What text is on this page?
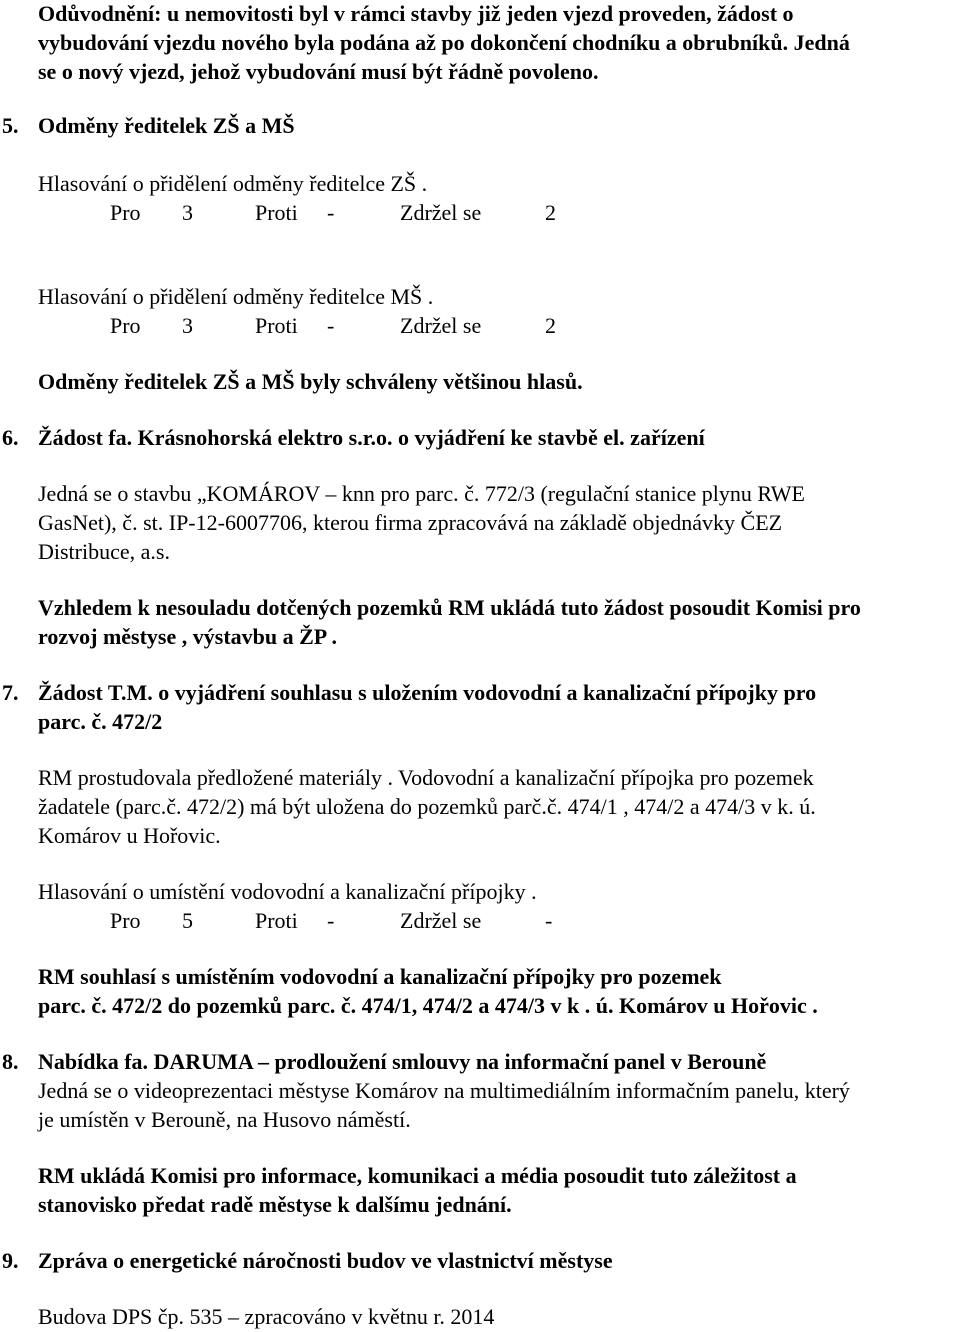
Odůvodnění: u nemovitosti byl v rámci stavby již jeden vjezd proveden, žádost o
vybudování vjezdu nového byla podána až po dokončení chodníku a obrubníků. Jedná
se o nový vjezd, jehož vybudování musí být řádně povoleno.
5. Odměny ředitelek ZŠ a MŠ
Hlasování o přidělení odměny ředitelce ZŠ .
Pro 3	Proti -	Zdržel se	2
Hlasování o přidělení odměny ředitelce MŠ .
Pro 3	Proti -	Zdržel se	2
Odměny ředitelek ZŠ a MŠ byly schváleny většinou hlasů.
6. Žádost fa. Krásnohorská elektro s.r.o. o vyjádření ke stavbě el. zařízení
Jedná se o stavbu „KOMÁROV – knn pro parc. č. 772/3 (regulační stanice plynu RWE
GasNet), č. st. IP-12-6007706, kterou firma zpracovává na základě objednávky ČEZ
Distribuce, a.s.
Vzhledem k nesouladu dotčených pozemků RM ukládá tuto žádost posoudit Komisi pro
rozvoj městyse , výstavbu a ŽP .
7. Žádost T.M. o vyjádření souhlasu s uložením vodovodní a kanalizační přípojky pro
parc. č. 472/2
RM prostudovala předložené materiály . Vodovodní a kanalizační přípojka pro pozemek
žadatele (parc.č. 472/2) má být uložena do pozemků parč.č. 474/1 , 474/2 a 474/3 v k. ú.
Komárov u Hořovic.
Hlasování o umístění vodovodní a kanalizační přípojky .
Pro 5	Proti -	Zdržel se	-
RM souhlasí s umístěním vodovodní a kanalizační přípojky pro pozemek
parc. č. 472/2 do pozemků parc. č. 474/1, 474/2 a 474/3 v k . ú. Komárov u Hořovic .
8. Nabídka fa. DARUMA – prodloužení smlouvy na informační panel v Berouně
Jedná se o videoprezentaci městyse Komárov na multimediálním informačním panelu, který
je umístěn v Berouně, na Husovo náměstí.
RM ukládá Komisi pro informace, komunikaci a média posoudit tuto záležitost a
stanovisko předat radě městyse k dalšímu jednání.
9. Zpráva o energetické náročnosti budov ve vlastnictví městyse
Budova DPS čp. 535 – zpracováno v květnu r. 2014
